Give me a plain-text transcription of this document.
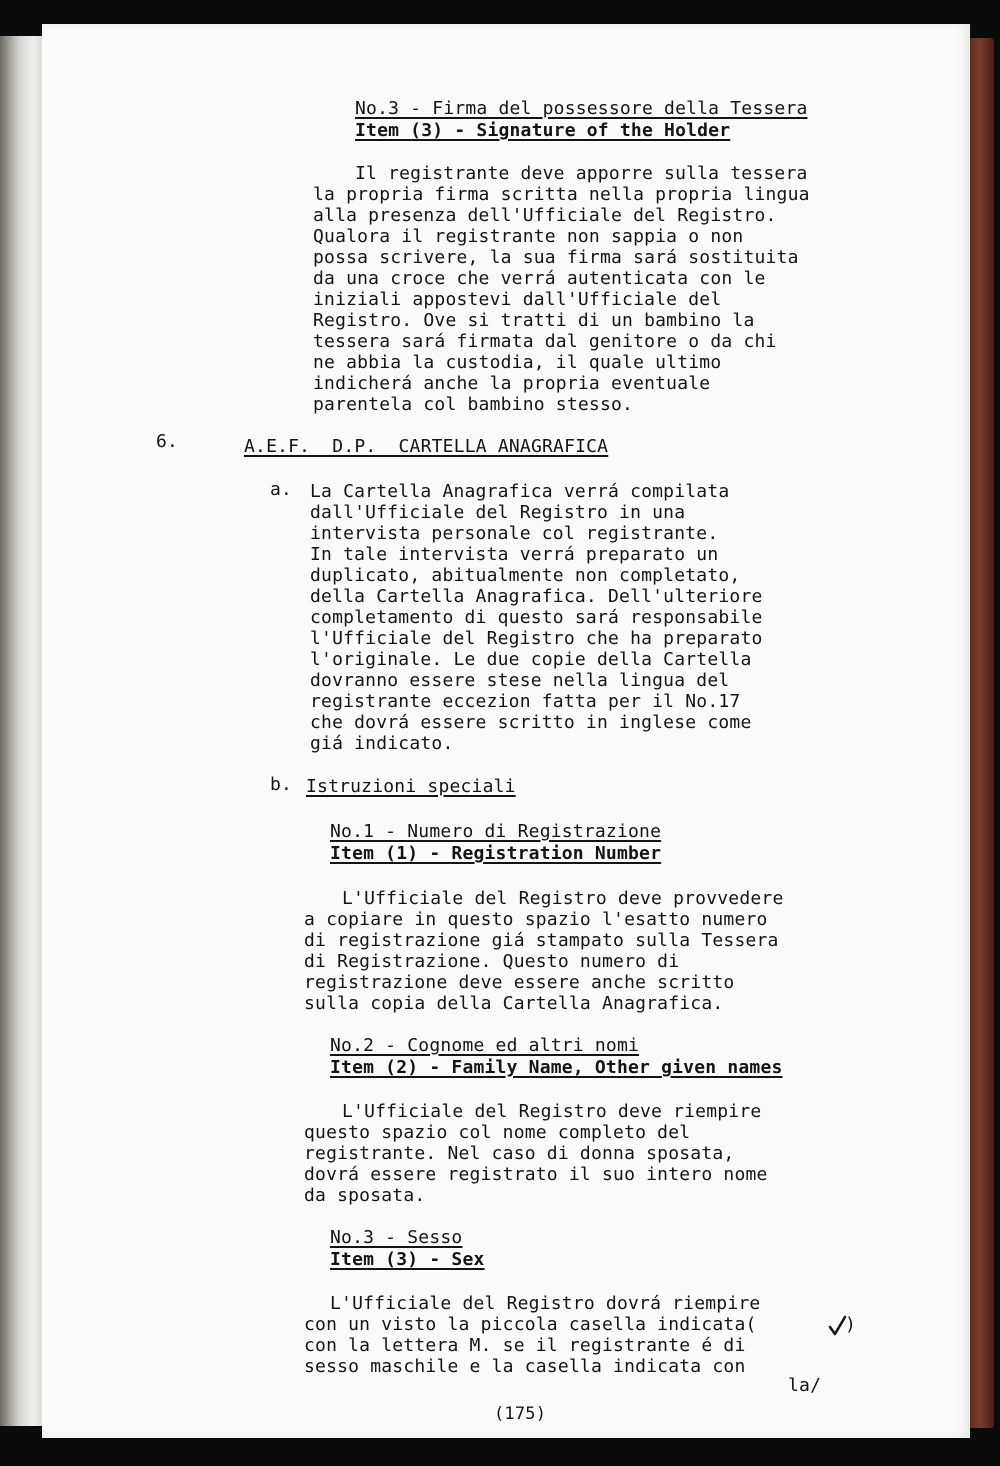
No.3 - Firma del possessore della Tessera
Item (3) - Signature of the Holder
Il registrante deve apporre sulla tessera
la propria firma scritta nella propria lingua
alla presenza dell'Ufficiale del Registro.
Qualora il registrante non sappia o non
possa scrivere, la sua firma sará sostituita
da una croce che verrá autenticata con le
iniziali appostevi dall'Ufficiale del
Registro. Ove si tratti di un bambino la
tessera sará firmata dal genitore o da chi
ne abbia la custodia, il quale ultimo
indicherá anche la propria eventuale
parentela col bambino stesso.
6.	A.E.F.  D.P.  CARTELLA ANAGRAFICA
a. La Cartella Anagrafica verrá compilata
dall'Ufficiale del Registro in una
intervista personale col registrante.
In tale intervista verrá preparato un
duplicato, abitualmente non completato,
della Cartella Anagrafica. Dell'ulteriore
completamento di questo sará responsabile
l'Ufficiale del Registro che ha preparato
l'originale. Le due copie della Cartella
dovranno essere stese nella lingua del
registrante eccezion fatta per il No.17
che dovrá essere scritto in inglese come
giá indicato.
b. Istruzioni speciali
No.1 - Numero di Registrazione
Item (1) - Registration Number
L'Ufficiale del Registro deve provvedere
a copiare in questo spazio l'esatto numero
di registrazione giá stampato sulla Tessera
di Registrazione. Questo numero di
registrazione deve essere anche scritto
sulla copia della Cartella Anagrafica.
No.2 - Cognome ed altri nomi
Item (2) - Family Name, Other given names
L'Ufficiale del Registro deve riempire
questo spazio col nome completo del
registrante. Nel caso di donna sposata,
dovrá essere registrato il suo intero nome
da sposata.
No.3 - Sesso
Item (3) - Sex
L'Ufficiale del Registro dovrá riempire
con un visto la piccola casella indicata(	)
con la lettera M. se il registrante é di
sesso maschile e la casella indicata con
la/
(175)
